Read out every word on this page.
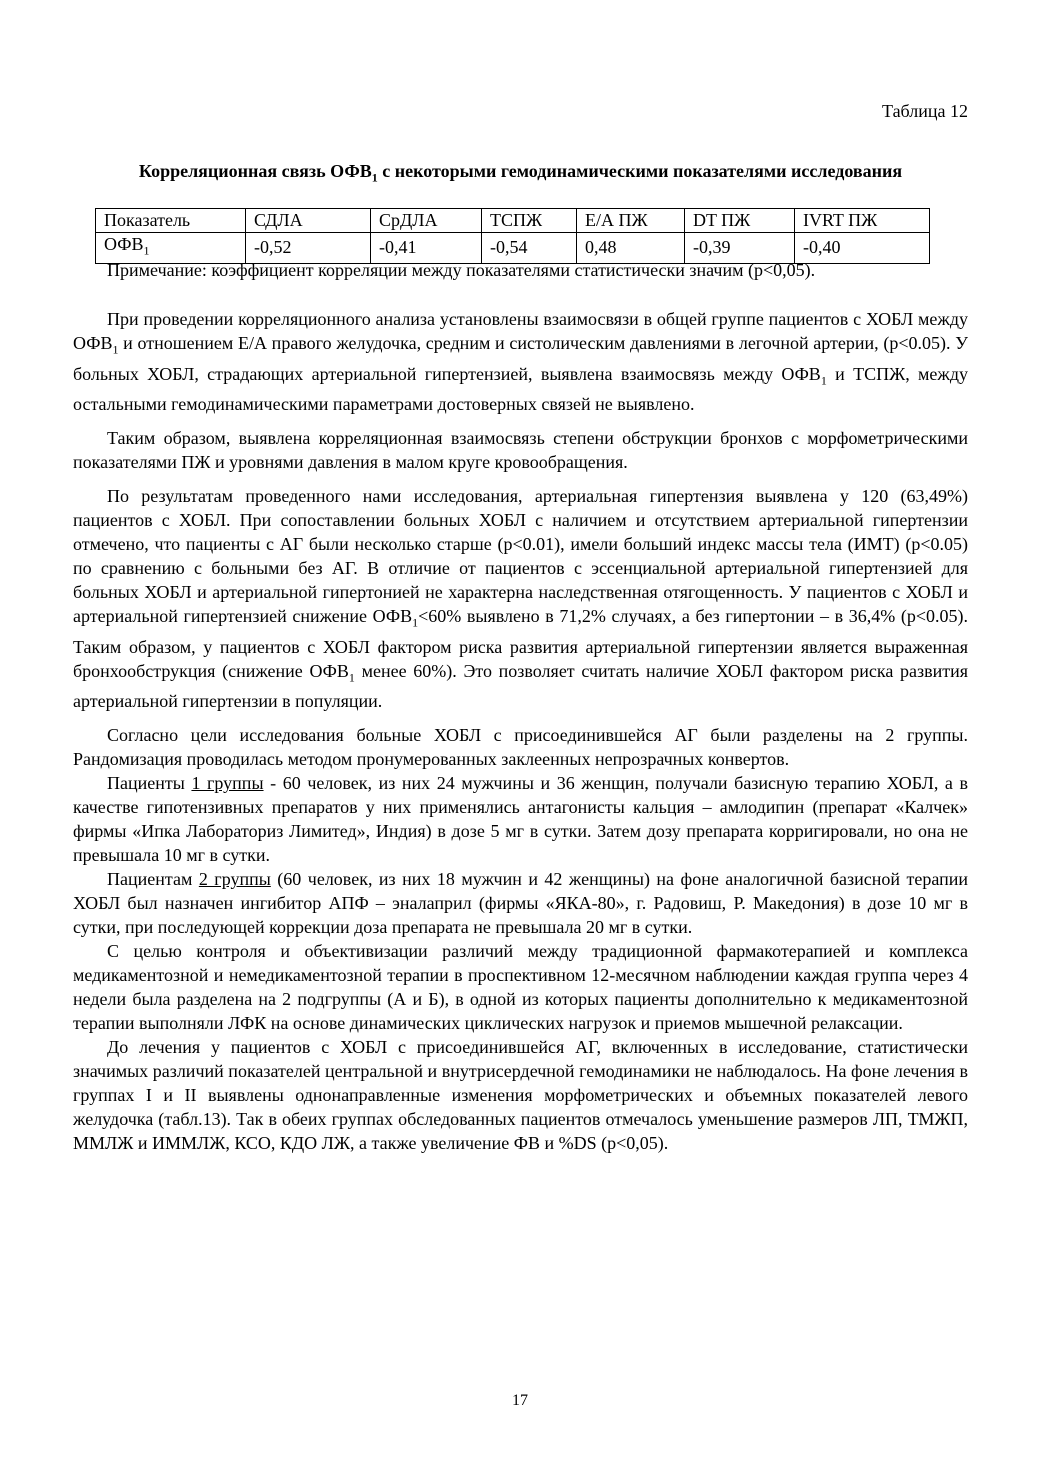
Таблица 12
Корреляционная связь $ОФВ_1$ с некоторыми гемодинамическими показателями исследования
Показатель	СДЛА	СрДЛА	ТСПЖ	Е/А ПЖ	DT ПЖ	IVRT ПЖ
$ОФВ_1$	-0,52	-0,41	-0,54	0,48	-0,39	-0,40
Примечание: коэффициент корреляции между показателями статистически значим (р<0,05).

При проведении корреляционного анализа установлены взаимосвязи в общей группе пациентов с ХОБЛ между $ОФВ_1$ и отношением Е/А правого желудочка, средним и систолическим давлениями в легочной артерии, (р<0.05). У больных ХОБЛ, страдающих артериальной гипертензией, выявлена взаимосвязь между $ОФВ_1$ и ТСПЖ, между остальными гемодинамическими параметрами достоверных связей не выявлено.

Таким образом, выявлена корреляционная взаимосвязь степени обструкции бронхов с морфометрическими показателями ПЖ и уровнями давления в малом круге кровообращения.

По результатам проведенного нами исследования, артериальная гипертензия выявлена у 120 (63,49%) пациентов с ХОБЛ. При сопоставлении больных ХОБЛ с наличием и отсутствием артериальной гипертензии отмечено, что пациенты с АГ были несколько старше (р<0.01), имели больший индекс массы тела (ИМТ) (р<0.05) по сравнению с больными без АГ. В отличие от пациентов с эссенциальной артериальной гипертензией для больных ХОБЛ и артериальной гипертонией не характерна наследственная отягощенность. У пациентов с ХОБЛ и артериальной гипертензией снижение $ОФВ_1<60\%$ выявлено в 71,2% случаях, а без гипертонии – в 36,4% (р<0.05). Таким образом, у пациентов с ХОБЛ фактором риска развития артериальной гипертензии является выраженная бронхообструкция (снижение $ОФВ_1$ менее 60%). Это позволяет считать наличие ХОБЛ фактором риска развития артериальной гипертензии в популяции.

Согласно цели исследования больные ХОБЛ с присоединившейся АГ были разделены на 2 группы. Рандомизация проводилась методом пронумерованных заклеенных непрозрачных конвертов.

Пациенты 1 группы - 60 человек, из них 24 мужчины и 36 женщин, получали базисную терапию ХОБЛ, а в качестве гипотензивных препаратов у них применялись антагонисты кальция – амлодипин (препарат «Калчек» фирмы «Ипка Лабораториз Лимитед», Индия) в дозе 5 мг в сутки. Затем дозу препарата корригировали, но она не превышала 10 мг в сутки.

Пациентам 2 группы (60 человек, из них 18 мужчин и 42 женщины) на фоне аналогичной базисной терапии ХОБЛ был назначен ингибитор АПФ – эналаприл (фирмы «ЯКА-80», г. Радовиш, Р. Македония) в дозе 10 мг в сутки, при последующей коррекции доза препарата не превышала 20 мг в сутки.

С целью контроля и объективизации различий между традиционной фармакотерапией и комплекса медикаментозной и немедикаментозной терапии в проспективном 12-месячном наблюдении каждая группа через 4 недели была разделена на 2 подгруппы (А и Б), в одной из которых пациенты дополнительно к медикаментозной терапии выполняли ЛФК на основе динамических циклических нагрузок и приемов мышечной релаксации.

До лечения у пациентов с ХОБЛ с присоединившейся АГ, включенных в исследование, статистически значимых различий показателей центральной и внутрисердечной гемодинамики не наблюдалось. На фоне лечения в группах I и II выявлены однонаправленные изменения морфометрических и объемных показателей левого желудочка (табл.13). Так в обеих группах обследованных пациентов отмечалось уменьшение размеров ЛП, ТМЖП, ММЛЖ и ИММЛЖ, КСО, КДО ЛЖ, а также увеличение ФВ и %DS (р<0,05).

17
